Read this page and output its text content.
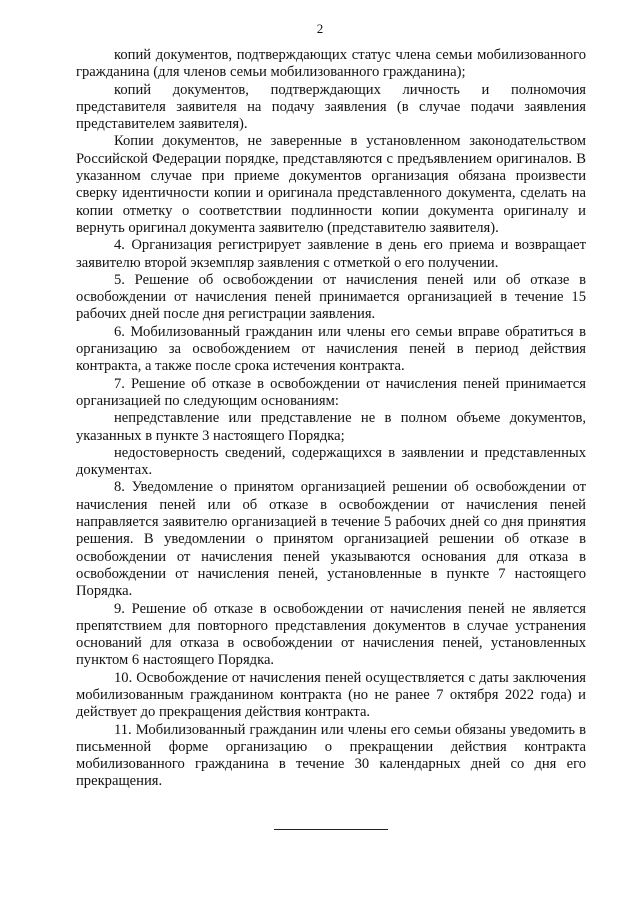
2

копий документов, подтверждающих статус члена семьи мобилизованного гражданина (для членов семьи мобилизованного гражданина);

копий документов, подтверждающих личность и полномочия представителя заявителя на подачу заявления (в случае подачи заявления представителем заявителя).

Копии документов, не заверенные в установленном законодательством Российской Федерации порядке, представляются с предъявлением оригиналов. В указанном случае при приеме документов организация обязана произвести сверку идентичности копии и оригинала представленного документа, сделать на копии отметку о соответствии подлинности копии документа оригиналу и вернуть оригинал документа заявителю (представителю заявителя).

4. Организация регистрирует заявление в день его приема и возвращает заявителю второй экземпляр заявления с отметкой о его получении.

5. Решение об освобождении от начисления пеней или об отказе в освобождении от начисления пеней принимается организацией в течение 15 рабочих дней после дня регистрации заявления.

6. Мобилизованный гражданин или члены его семьи вправе обратиться в организацию за освобождением от начисления пеней в период действия контракта, а также после срока истечения контракта.

7. Решение об отказе в освобождении от начисления пеней принимается организацией по следующим основаниям:

непредставление или представление не в полном объеме документов, указанных в пункте 3 настоящего Порядка;

недостоверность сведений, содержащихся в заявлении и представленных документах.

8. Уведомление о принятом организацией решении об освобождении от начисления пеней или об отказе в освобождении от начисления пеней направляется заявителю организацией в течение 5 рабочих дней со дня принятия решения. В уведомлении о принятом организацией решении об отказе в освобождении от начисления пеней указываются основания для отказа в освобождении от начисления пеней, установленные в пункте 7 настоящего Порядка.

9. Решение об отказе в освобождении от начисления пеней не является препятствием для повторного представления документов в случае устранения оснований для отказа в освобождении от начисления пеней, установленных пунктом 6 настоящего Порядка.

10. Освобождение от начисления пеней осуществляется с даты заключения мобилизованным гражданином контракта (но не ранее 7 октября 2022 года) и действует до прекращения действия контракта.

11. Мобилизованный гражданин или члены его семьи обязаны уведомить в письменной форме организацию о прекращении действия контракта мобилизованного гражданина в течение 30 календарных дней со дня его прекращения.
